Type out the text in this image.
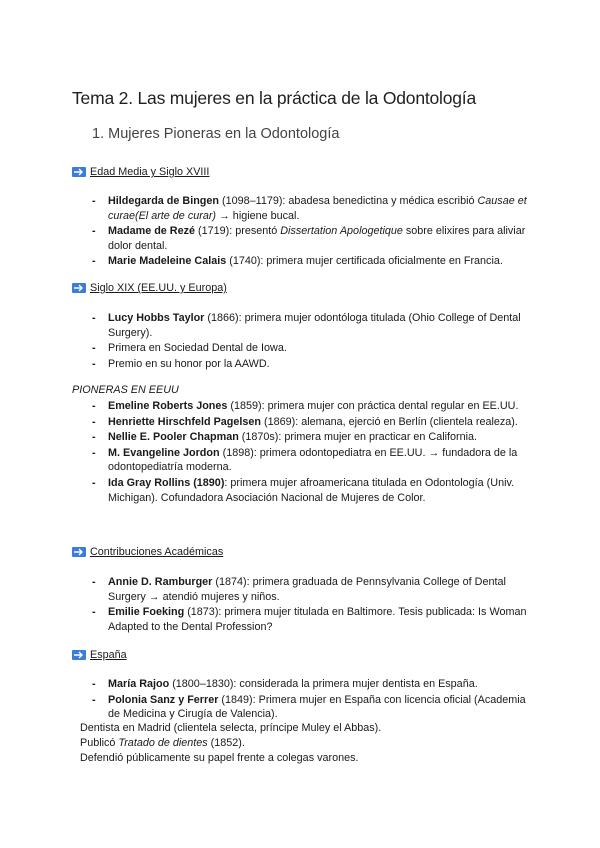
Tema 2. Las mujeres en la práctica de la Odontología
1. Mujeres Pioneras en la Odontología
Edad Media y Siglo XVIII
- Hildegarda de Bingen (1098–1179): abadesa benedictina y médica escribió Causae et curae(El arte de curar) → higiene bucal.
- Madame de Rezé (1719): presentó Dissertation Apologetique sobre elixires para aliviar dolor dental.
- Marie Madeleine Calais (1740): primera mujer certificada oficialmente en Francia.
Siglo XIX (EE.UU. y Europa)
- Lucy Hobbs Taylor (1866): primera mujer odontóloga titulada (Ohio College of Dental Surgery).
- Primera en Sociedad Dental de Iowa.
- Premio en su honor por la AAWD.

PIONERAS EN EEUU

- Emeline Roberts Jones (1859): primera mujer con práctica dental regular en EE.UU.
- Henriette Hirschfeld Pagelsen (1869): alemana, ejerció en Berlín (clientela realeza).
- Nellie E. Pooler Chapman (1870s): primera mujer en practicar en California.
- M. Evangeline Jordon (1898): primera odontopediatra en EE.UU. → fundadora de la odontopediatría moderna.
- Ida Gray Rollins (1890): primera mujer afroamericana titulada en Odontología (Univ. Michigan). Cofundadora Asociación Nacional de Mujeres de Color.
Contribuciones Académicas
- Annie D. Ramburger (1874): primera graduada de Pennsylvania College of Dental Surgery → atendió mujeres y niños.
- Emilie Foeking (1873): primera mujer titulada en Baltimore. Tesis publicada: Is Woman Adapted to the Dental Profession?
España
- María Rajoo (1800–1830): considerada la primera mujer dentista en España.
- Polonia Sanz y Ferrer (1849): Primera mujer en España con licencia oficial (Academia de Medicina y Cirugía de Valencia).

Dentista en Madrid (clientela selecta, príncipe Muley el Abbas).

Publicó Tratado de dientes (1852).

Defendió públicamente su papel frente a colegas varones.
